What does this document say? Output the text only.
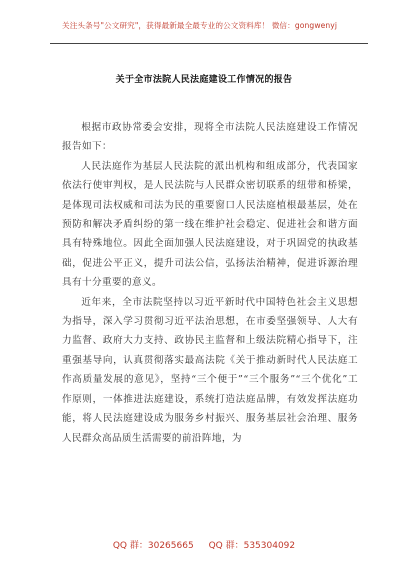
关注头条号"公文研究"，获得最新最全最专业的公文资料库！ 微信：gongwenyj
关于全市法院人民法庭建设工作情况的报告

根据市政协常委会安排，现将全市法院人民法庭建设工作情况报告如下：

人民法庭作为基层人民法院的派出机构和组成部分，代表国家依法行使审判权，是人民法院与人民群众密切联系的纽带和桥梁，是体现司法权威和司法为民的重要窗口人民法庭植根最基层，处在预防和解决矛盾纠纷的第一线在维护社会稳定、促进社会和谐方面具有特殊地位。因此全面加强人民法庭建设，对于巩固党的执政基础，促进公平正义，提升司法公信，弘扬法治精神，促进诉源治理具有十分重要的意义。

近年来，全市法院坚持以习近平新时代中国特色社会主义思想为指导，深入学习贯彻习近平法治思想，在市委坚强领导、人大有力监督、政府大力支持、政协民主监督和上级法院精心指导下，注重强基导向，认真贯彻落实最高法院《关于推动新时代人民法庭工作高质量发展的意见》，坚持“三个便于”“三个服务”“三个优化”工作原则，一体推进法庭建设，系统打造法庭品牌，有效发挥法庭功能，将人民法庭建设成为服务乡村振兴、服务基层社会治理、服务人民群众高品质生活需要的前沿阵地，为

QQ 群：30265665 QQ 群：535304092
